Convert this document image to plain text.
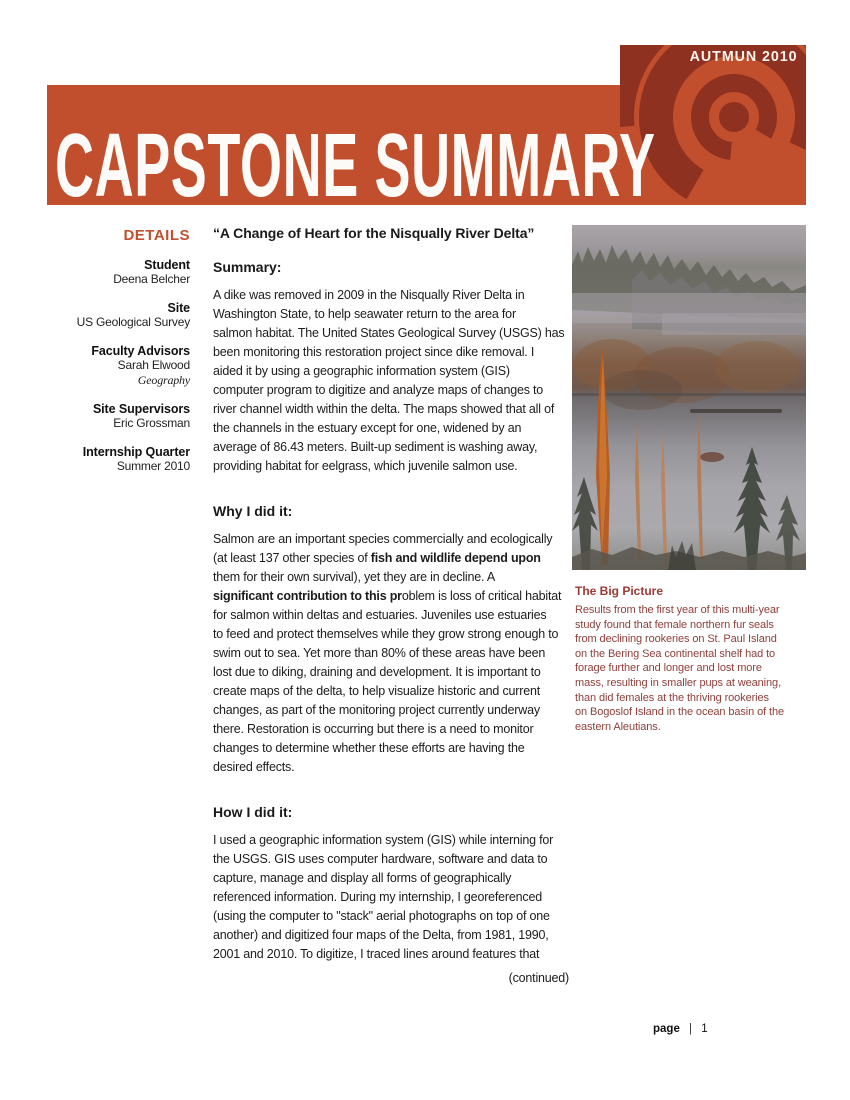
AUTMUN 2010
CAPSTONE SUMMARY
DETAILS
Student
Deena Belcher
Site
US Geological Survey
Faculty Advisors
Sarah Elwood
Geography
Site Supervisors
Eric Grossman
Internship Quarter
Summer 2010
“A Change of Heart for the Nisqually River Delta”
Summary:

A dike was removed in 2009 in the Nisqually River Delta in
Washington State, to help seawater return to the area for
salmon habitat. The United States Geological Survey (USGS) has
been monitoring this restoration project since dike removal. I
aided it by using a geographic information system (GIS)
computer program to digitize and analyze maps of changes to
river channel width within the delta. The maps showed that all of
the channels in the estuary except for one, widened by an
average of 86.43 meters. Built-up sediment is washing away,
providing habitat for eelgrass, which juvenile salmon use.

Why I did it:

Salmon are an important species commercially and ecologically
(at least 137 other species of fish and wildlife depend upon
them for their own survival), yet they are in decline. A
significant contribution to this problem is loss of critical habitat
for salmon within deltas and estuaries. Juveniles use estuaries
to feed and protect themselves while they grow strong enough to
swim out to sea. Yet more than 80% of these areas have been
lost due to diking, draining and development. It is important to
create maps of the delta, to help visualize historic and current
changes, as part of the monitoring project currently underway
there. Restoration is occurring but there is a need to monitor
changes to determine whether these efforts are having the
desired effects.

How I did it:

I used a geographic information system (GIS) while interning for
the USGS. GIS uses computer hardware, software and data to
capture, manage and display all forms of geographically
referenced information. During my internship, I georeferenced
(using the computer to "stack" aerial photographs on top of one
another) and digitized four maps of the Delta, from 1981, 1990,
2001 and 2010. To digitize, I traced lines around features that

(continued)
The Big Picture
Results from the first year of this multi-year
study found that female northern fur seals
from declining rookeries on St. Paul Island
on the Bering Sea continental shelf had to
forage further and longer and lost more
mass, resulting in smaller pups at weaning,
than did females at the thriving rookeries
on Bogoslof Island in the ocean basin of the
eastern Aleutians.
page | 1
